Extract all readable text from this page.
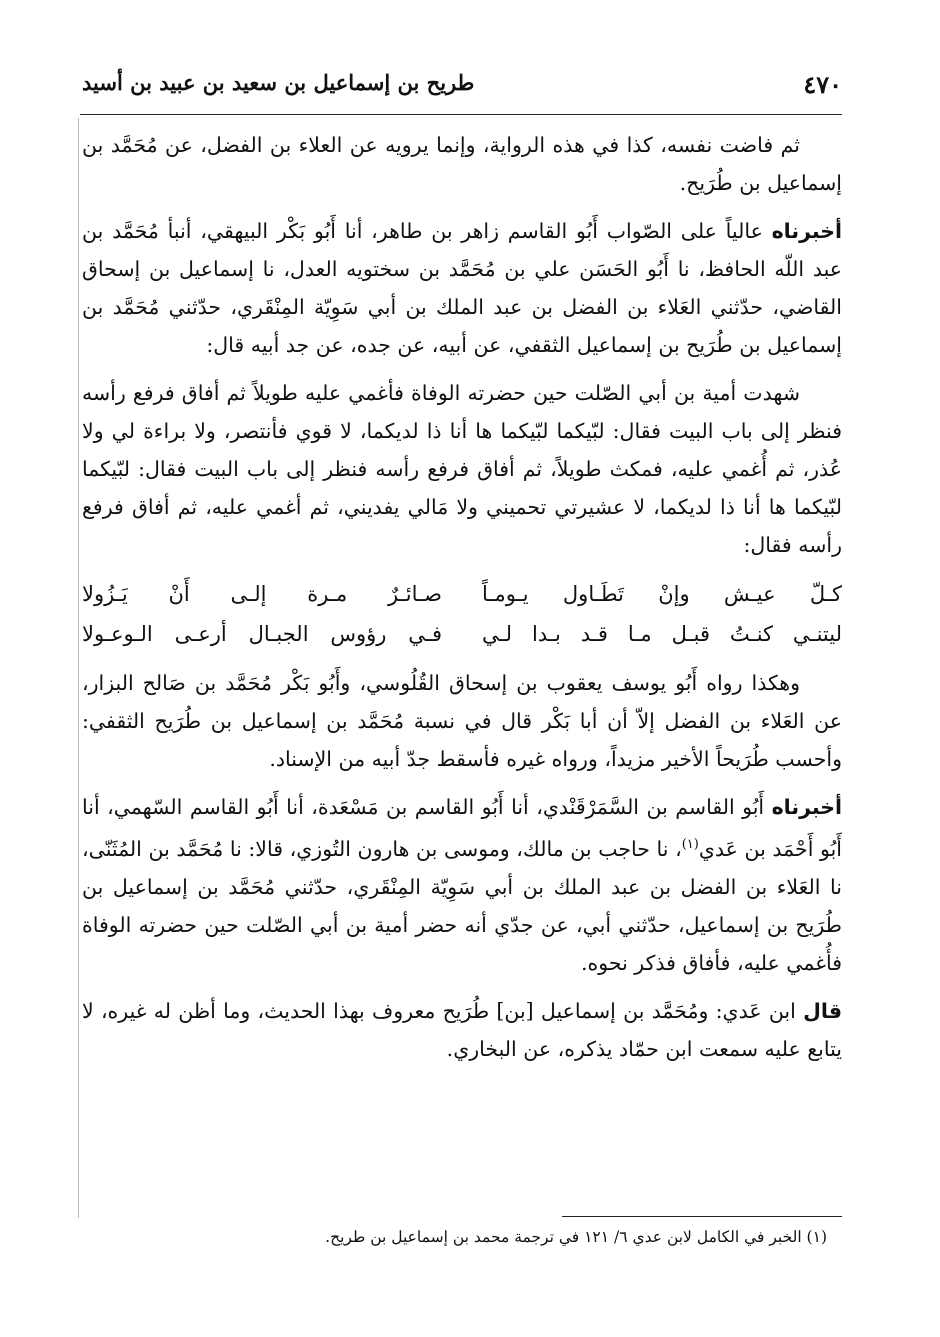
٤٧٠
طريح بن إسماعيل بن سعيد بن عبيد بن أسيد

ثم فاضت نفسه، كذا في هذه الرواية، وإنما يرويه عن العلاء بن الفضل، عن مُحَمَّد بن إسماعيل بن طُرَيح.

أخبرناه عالياً على الصّواب أَبُو القاسم زاهر بن طاهر، أنا أَبُو بَكْر البيهقي، أنبأ مُحَمَّد بن عبد اللّه الحافظ، نا أَبُو الحَسَن علي بن مُحَمَّد بن سختويه العدل، نا إسماعيل بن إسحاق القاضي، حدّثني العَلاء بن الفضل بن عبد الملك بن أبي سَوِيّة المِنْقَري، حدّثني مُحَمَّد بن إسماعيل بن طُرَيح بن إسماعيل الثقفي، عن أبيه، عن جده، عن جد أبيه قال:

شهدت أمية بن أبي الصّلت حين حضرته الوفاة فأغمي عليه طويلاً ثم أفاق فرفع رأسه فنظر إلى باب البيت فقال: لبّيكما لبّيكما ها أنا ذا لديكما، لا قوي فأنتصر، ولا براءة لي ولا عُذر، ثم أُغمي عليه، فمكث طويلاً، ثم أفاق فرفع رأسه فنظر إلى باب البيت فقال: لبّيكما لبّيكما ها أنا ذا لديكما، لا عشيرتي تحميني ولا مَالي يفديني، ثم أغمي عليه، ثم أفاق فرفع رأسه فقال:

كـلّ عيـش وإنْ تَطَـاول يـومـاً
صـائـرٌ مـرة إلـى أَنْ يَـزُولا
ليتنـي كنـتُ قبـل مـا قـد بـدا لـي
فـي رؤوس الجبـال أرعـى الـوعـولا

وهكذا رواه أَبُو يوسف يعقوب بن إسحاق القُلُوسي، وأَبُو بَكْر مُحَمَّد بن صَالح البزار، عن العَلاء بن الفضل إلاّ أن أبا بَكْر قال في نسبة مُحَمَّد بن إسماعيل بن طُرَيح الثقفي: وأحسب طُرَيحاً الأخير مزيداً، ورواه غيره فأسقط جدّ أبيه من الإسناد.

أخبرناه أَبُو القاسم بن السَّمَرْقَنْدي، أنا أَبُو القاسم بن مَسْعَدة، أنا أَبُو القاسم السّهمي، أنا أَبُو أَحْمَد بن عَدي$^{(١)}$، نا حاجب بن مالك، وموسى بن هارون التُوزي، قالا: نا مُحَمَّد بن المُثَنّى، نا العَلاء بن الفضل بن عبد الملك بن أبي سَوِيّة المِنْقَري، حدّثني مُحَمَّد بن إسماعيل بن طُرَيح بن إسماعيل، حدّثني أبي، عن جدّي أنه حضر أمية بن أبي الصّلت حين حضرته الوفاة فأُغمي عليه، فأفاق فذكر نحوه.

قال ابن عَدي: ومُحَمَّد بن إسماعيل [بن] طُرَيح معروف بهذا الحديث، وما أظن له غيره، لا يتابع عليه سمعت ابن حمّاد يذكره، عن البخاري.

(١) الخبر في الكامل لابن عدي ٦/ ١٢١ في ترجمة محمد بن إسماعيل بن طريح.
